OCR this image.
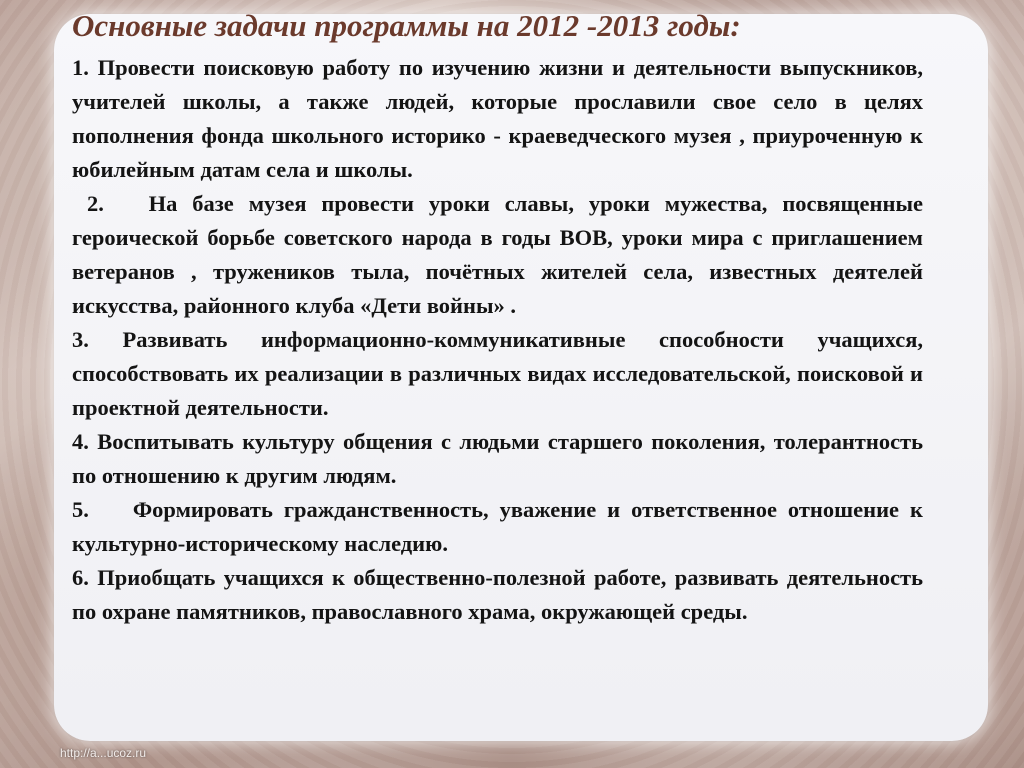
Основные задачи программы на 2012 -2013 годы:

1. Провести поисковую работу по изучению жизни и деятельности выпускников, учителей школы, а также людей, которые прославили свое село в целях пополнения фонда школьного историко - краеведческого музея , приуроченную к юбилейным датам села и школы.

2. На базе музея провести уроки славы, уроки мужества, посвященные героической борьбе советского народа в годы ВОВ, уроки мира с приглашением ветеранов , тружеников тыла, почётных жителей села, известных деятелей искусства, районного клуба «Дети войны» .

3. Развивать информационно-коммуникативные способности учащихся, способствовать их реализации в различных видах исследовательской, поисковой и проектной деятельности.

4. Воспитывать культуру общения с людьми старшего поколения, толерантность по отношению к другим людям.

5. Формировать гражданственность, уважение и ответственное отношение к культурно-историческому наследию.

6. Приобщать учащихся к общественно-полезной работе, развивать деятельность по охране памятников, православного храма, окружающей среды.

http://a...ucoz.ru
